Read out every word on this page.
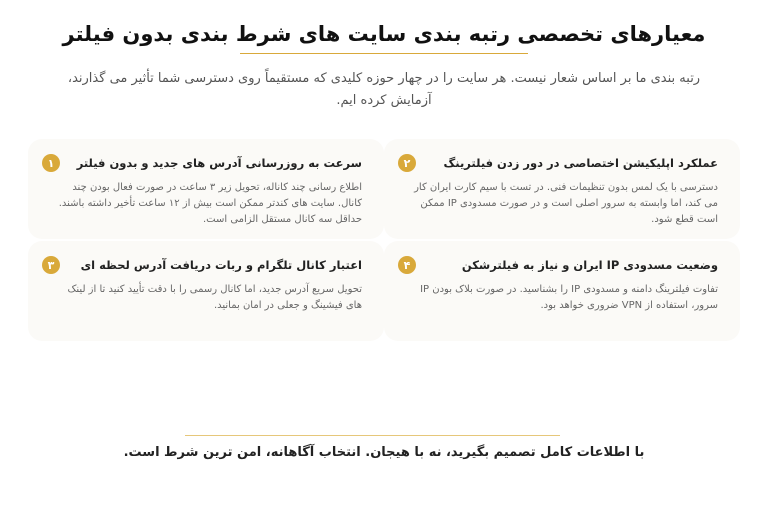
معیارهای تخصصی رتبه بندی سایت های شرط بندی بدون فیلتر

رتبه بندی ما بر اساس شعار نیست. هر سایت را در چهار حوزه کلیدی که مستقیماً روی دسترسی شما تأثیر می گذارند، آزمایش کرده ایم.

سرعت به روزرسانی آدرس های جدید و بدون فیلتر
۱

اطلاع رسانی چند کاناله، تحویل زیر ۳ ساعت در صورت فعال بودن چند کانال. سایت های کندتر ممکن است بیش از ۱۲ ساعت تأخیر داشته باشند. حداقل سه کانال مستقل الزامی است.

عملکرد اپلیکیشن اختصاصی در دور زدن فیلترینگ
۲

دسترسی با یک لمس بدون تنظیمات فنی. در تست با سیم کارت ایران کار می کند، اما وابسته به سرور اصلی است و در صورت مسدودی IP ممکن است قطع شود.

اعتبار کانال تلگرام و ربات دریافت آدرس لحظه ای
۳

تحویل سریع آدرس جدید، اما کانال رسمی را با دقت تأیید کنید تا از لینک های فیشینگ و جعلی در امان بمانید.

وضعیت مسدودی IP ایران و نیاز به فیلترشکن
۴

تفاوت فیلترینگ دامنه و مسدودی IP را بشناسید. در صورت بلاک بودن IP سرور، استفاده از VPN ضروری خواهد بود.

با اطلاعات کامل تصمیم بگیرید، نه با هیجان. انتخاب آگاهانه، امن ترین شرط است.
